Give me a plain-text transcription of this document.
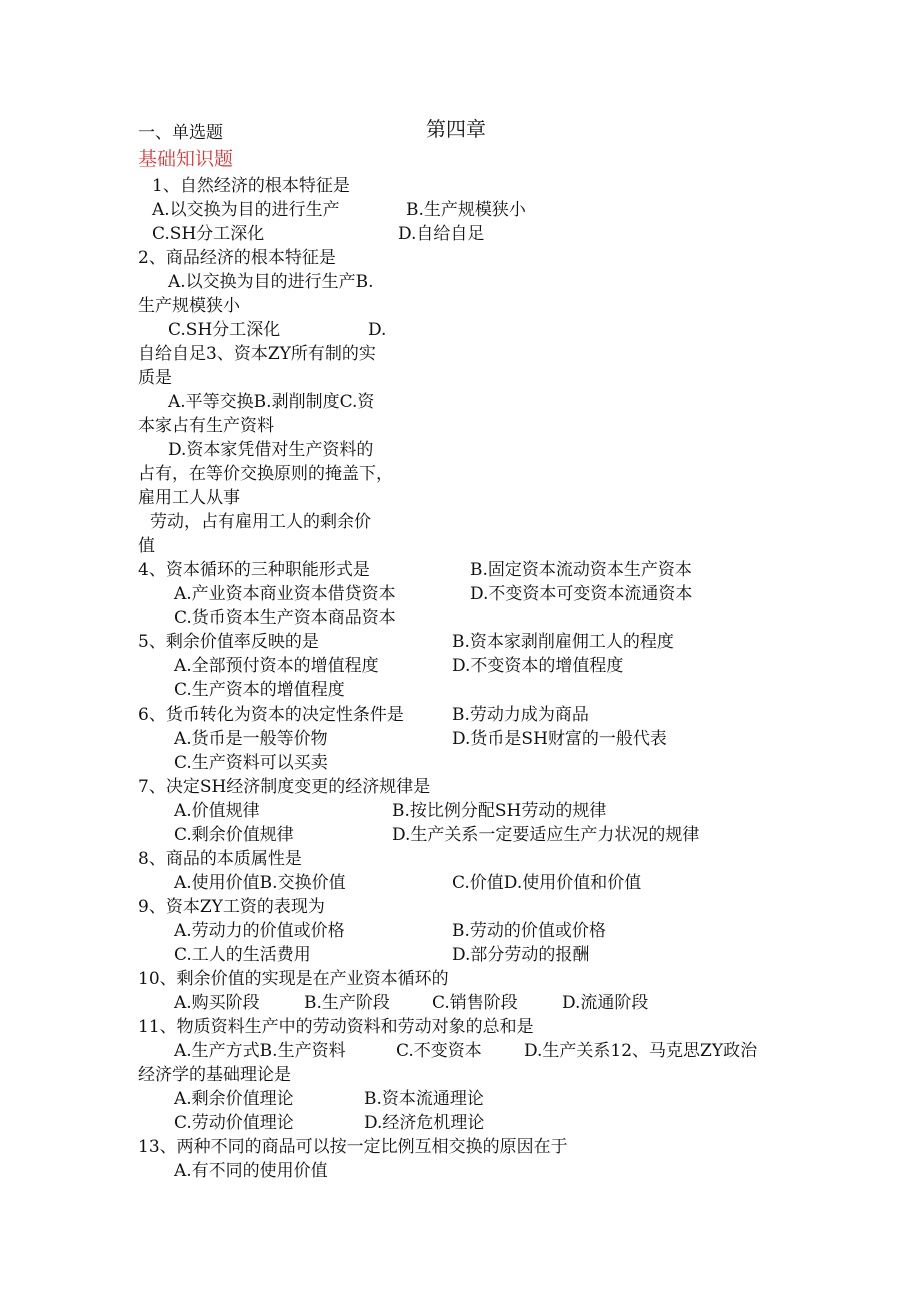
第四章
一、单选题
基础知识题
1、自然经济的根本特征是
A.以交换为目的进行生产	B.生产规模狭小
C.SH分工深化	D.自给自足
2、商品经济的根本特征是
A.以交换为目的进行生产B.
生产规模狭小
C.SH分工深化	D.
自给自足3、资本ZY所有制的实
质是
A.平等交换B.剥削制度C.资
本家占有生产资料
D.资本家凭借对生产资料的
占有，在等价交换原则的掩盖下，
雇用工人从事
劳动，占有雇用工人的剩余价
值
4、资本循环的三种职能形式是	B.固定资本流动资本生产资本
A.产业资本商业资本借贷资本	D.不变资本可变资本流通资本
C.货币资本生产资本商品资本
5、剩余价值率反映的是	B.资本家剥削雇佣工人的程度
A.全部预付资本的增值程度	D.不变资本的增值程度
C.生产资本的增值程度
6、货币转化为资本的决定性条件是	B.劳动力成为商品
A.货币是一般等价物	D.货币是SH财富的一般代表
C.生产资料可以买卖
7、决定SH经济制度变更的经济规律是
A.价值规律	B.按比例分配SH劳动的规律
C.剩余价值规律	D.生产关系一定要适应生产力状况的规律
8、商品的本质属性是
A.使用价值B.交换价值	C.价值D.使用价值和价值
9、资本ZY工资的表现为
A.劳动力的价值或价格	B.劳动的价值或价格
C.工人的生活费用	D.部分劳动的报酬
10、剩余价值的实现是在产业资本循环的
A.购买阶段	B.生产阶段 C.销售阶段	D.流通阶段
11、物质资料生产中的劳动资料和劳动对象的总和是
A.生产方式B.生产资料	C.不变资本 D.生产关系12、马克思ZY政治
经济学的基础理论是
A.剩余价值理论	B.资本流通理论
C.劳动价值理论	D.经济危机理论
13、两种不同的商品可以按一定比例互相交换的原因在于
A.有不同的使用价值
